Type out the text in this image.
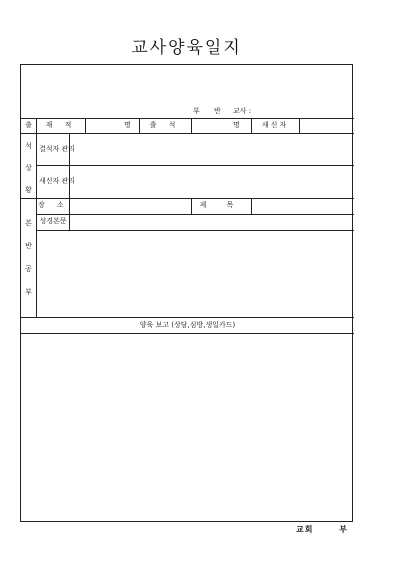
교사양육일지
부 반 교사 :
재 적	명	출 석	명	새신자
결석자 관리
새신자 관리
출
석
상
황
장 소	제 목
성경본문
본
반
공
부
양육 보고 (상담,심방,생일카드)
교회 부
